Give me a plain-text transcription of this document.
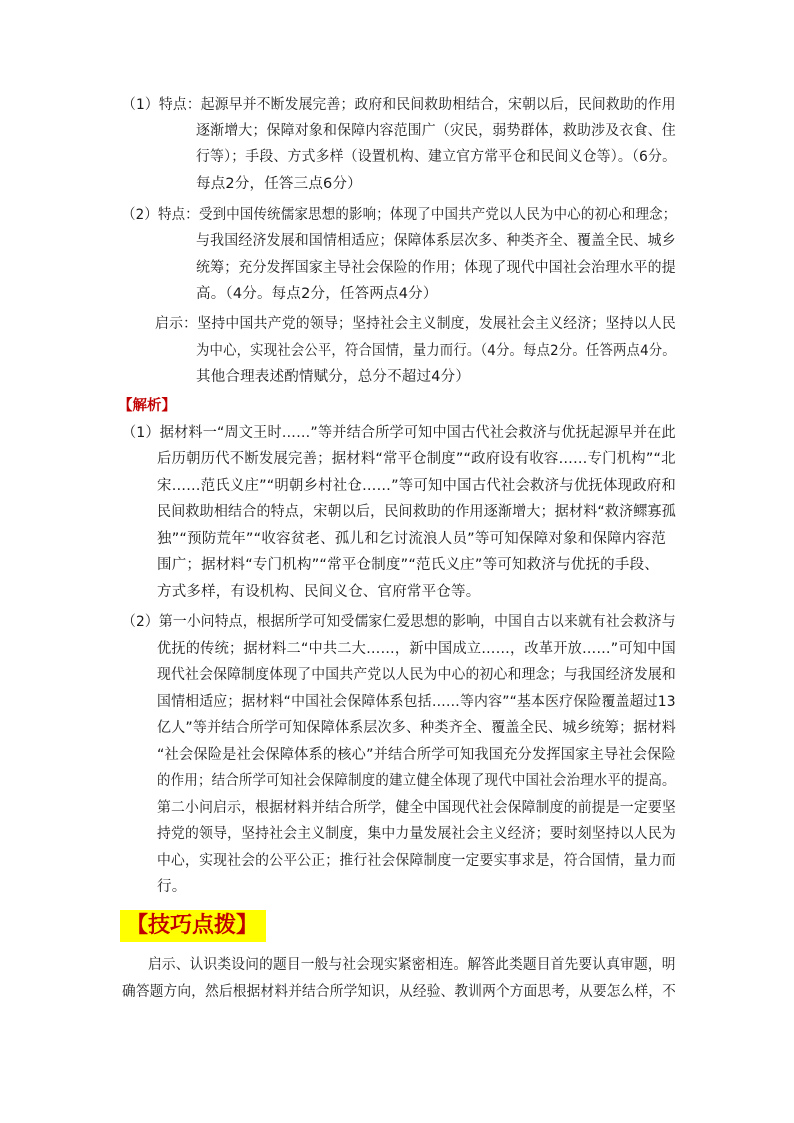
（1）特点：起源早并不断发展完善；政府和民间救助相结合，宋朝以后，民间救助的作用
逐渐增大；保障对象和保障内容范围广（灾民，弱势群体，救助涉及衣食、住
行等）；手段、方式多样（设置机构、建立官方常平仓和民间义仓等）。（6分。
每点2分，任答三点6分）
（2）特点：受到中国传统儒家思想的影响；体现了中国共产党以人民为中心的初心和理念；
与我国经济发展和国情相适应；保障体系层次多、种类齐全、覆盖全民、城乡
统筹；充分发挥国家主导社会保险的作用；体现了现代中国社会治理水平的提
高。（4分。每点2分，任答两点4分）
启示：坚持中国共产党的领导；坚持社会主义制度，发展社会主义经济；坚持以人民
为中心，实现社会公平，符合国情，量力而行。（4分。每点2分。任答两点4分。
其他合理表述酌情赋分，总分不超过4分）
【解析】
（1）据材料一“周文王时……”等并结合所学可知中国古代社会救济与优抚起源早并在此
后历朝历代不断发展完善；据材料“常平仓制度”“政府设有收容……专门机构”“北
宋……范氏义庄”“明朝乡村社仓……”等可知中国古代社会救济与优抚体现政府和
民间救助相结合的特点，宋朝以后，民间救助的作用逐渐增大；据材料“救济鳏寡孤
独”“预防荒年”“收容贫老、孤儿和乞讨流浪人员”等可知保障对象和保障内容范
围广；据材料“专门机构”“常平仓制度”“范氏义庄”等可知救济与优抚的手段、
方式多样，有设机构、民间义仓、官府常平仓等。
（2）第一小问特点，根据所学可知受儒家仁爱思想的影响，中国自古以来就有社会救济与
优抚的传统；据材料二“中共二大……，新中国成立……，改革开放……”可知中国
现代社会保障制度体现了中国共产党以人民为中心的初心和理念；与我国经济发展和
国情相适应；据材料“中国社会保障体系包括……等内容”“基本医疗保险覆盖超过13
亿人”等并结合所学可知保障体系层次多、种类齐全、覆盖全民、城乡统筹；据材料
“社会保险是社会保障体系的核心”并结合所学可知我国充分发挥国家主导社会保险
的作用；结合所学可知社会保障制度的建立健全体现了现代中国社会治理水平的提高。
第二小问启示，根据材料并结合所学，健全中国现代社会保障制度的前提是一定要坚
持党的领导，坚持社会主义制度，集中力量发展社会主义经济；要时刻坚持以人民为
中心，实现社会的公平公正；推行社会保障制度一定要实事求是，符合国情，量力而
行。
【技巧点拨】
启示、认识类设问的题目一般与社会现实紧密相连。解答此类题目首先要认真审题，明
确答题方向，然后根据材料并结合所学知识，从经验、教训两个方面思考，从要怎么样，不
